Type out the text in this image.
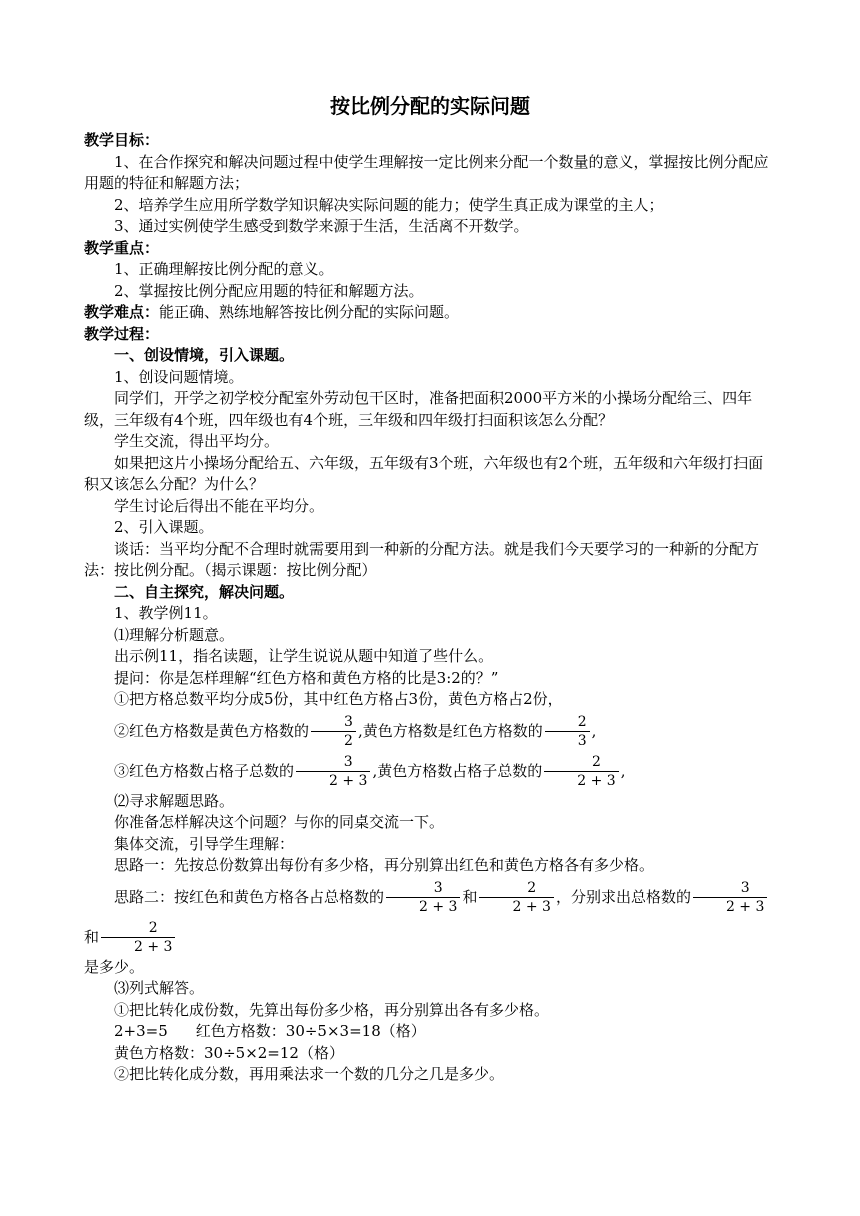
按比例分配的实际问题

教学目标：

1、在合作探究和解决问题过程中使学生理解按一定比例来分配一个数量的意义，掌握按比例分配应用题的特征和解题方法；

2、培养学生应用所学数学知识解决实际问题的能力；使学生真正成为课堂的主人；

3、通过实例使学生感受到数学来源于生活，生活离不开数学。

教学重点：

1、正确理解按比例分配的意义。

2、掌握按比例分配应用题的特征和解题方法。

教学难点：能正确、熟练地解答按比例分配的实际问题。

教学过程：

一、创设情境，引入课题。

1、创设问题情境。

同学们，开学之初学校分配室外劳动包干区时，准备把面积2000平方米的小操场分配给三、四年级，三年级有4个班，四年级也有4个班，三年级和四年级打扫面积该怎么分配？

学生交流，得出平均分。

如果把这片小操场分配给五、六年级，五年级有3个班，六年级也有2个班，五年级和六年级打扫面积又该怎么分配？为什么？

学生讨论后得出不能在平均分。

2、引入课题。

谈话：当平均分配不合理时就需要用到一种新的分配方法。就是我们今天要学习的一种新的分配方法：按比例分配。（揭示课题：按比例分配）

二、自主探究，解决问题。

1、教学例11。

⑴理解分析题意。

出示例11，指名读题，让学生说说从题中知道了些什么。

提问：你是怎样理解“红色方格和黄色方格的比是3:2的？”

①把方格总数平均分成5份，其中红色方格占3份，黄色方格占2份，

②红色方格数是黄色方格数的 $\frac{3}{2}$ ,黄色方格数是红色方格数的 $\frac{2}{3}$ ,

③红色方格数占格子总数的 $\frac{3}{2 + 3}$ ,黄色方格数占格子总数的 $\frac{2}{2 + 3}$ ,

⑵寻求解题思路。

你准备怎样解决这个问题？与你的同桌交流一下。

集体交流，引导学生理解：

思路一：先按总份数算出每份有多少格，再分别算出红色和黄色方格各有多少格。

思路二：按红色和黄色方格各占总格数的 $\frac{3}{2 + 3}$ 和 $\frac{2}{2 + 3}$ ，分别求出总格数的 $\frac{3}{2 + 3}$
和 $\frac{2}{2 + 3}$

是多少。

⑶列式解答。

①把比转化成份数，先算出每份多少格，再分别算出各有多少格。

2+3=5 红色方格数：30÷5×3=18（格）

黄色方格数：30÷5×2=12（格）

②把比转化成分数，再用乘法求一个数的几分之几是多少。
